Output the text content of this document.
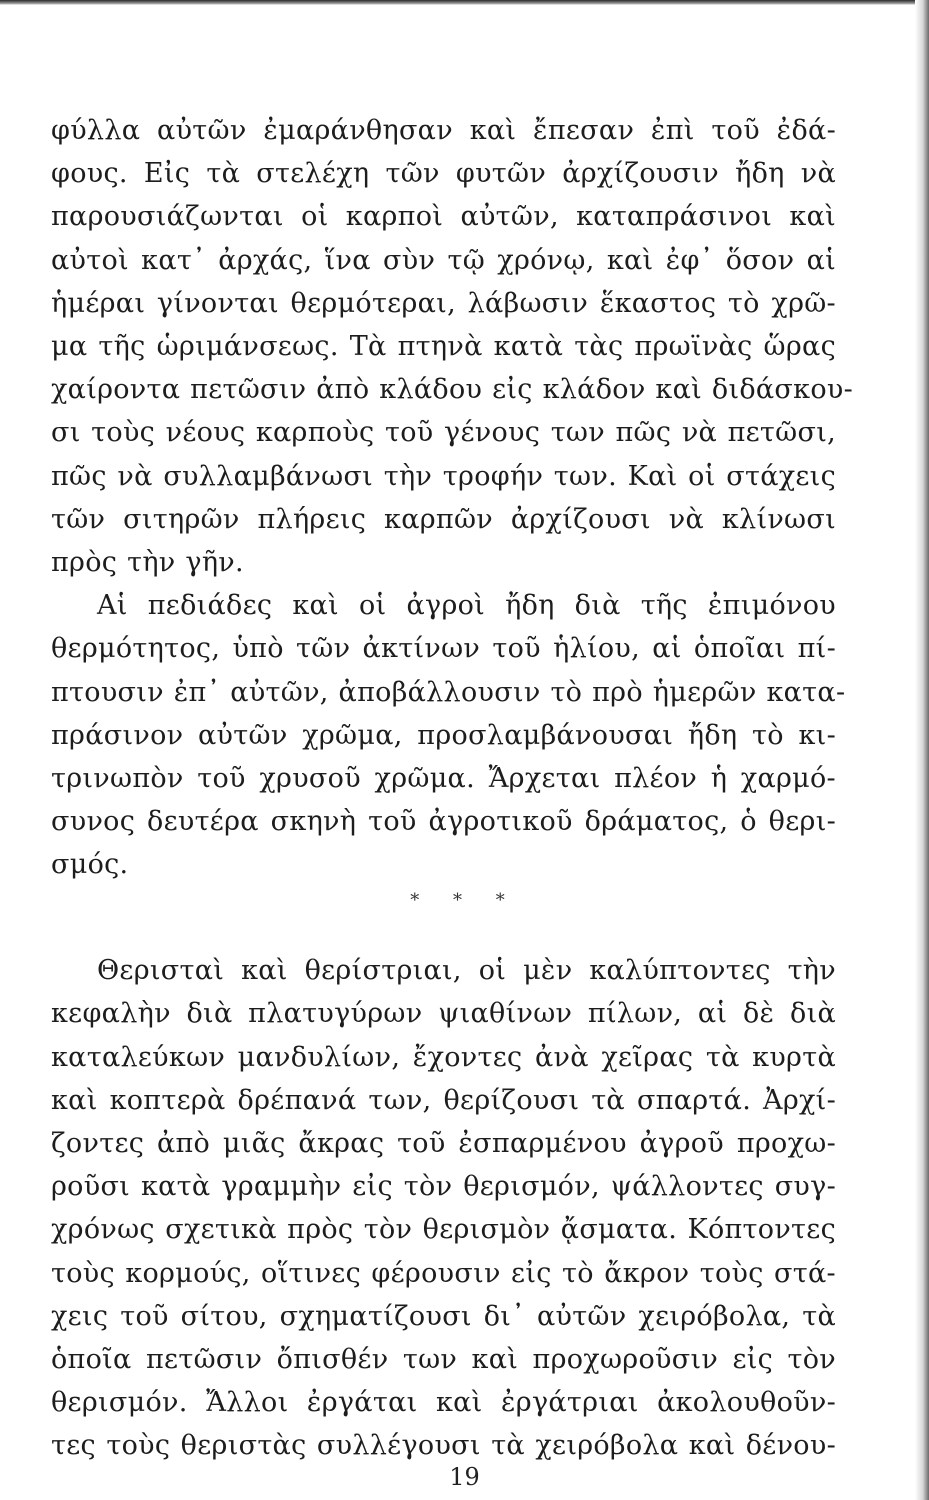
φύλλα αὐτῶν ἐμαράνθησαν καὶ ἔπεσαν ἐπὶ τοῦ ἐδά-
φους. Εἰς τὰ στελέχη τῶν φυτῶν ἀρχίζουσιν ἤδη νὰ
παρουσιάζωνται οἱ καρποὶ αὐτῶν, καταπράσινοι καὶ
αὐτοὶ κατ᾽ ἀρχάς, ἵνα σὺν τῷ χρόνῳ, καὶ ἐφ᾽ ὅσον αἱ
ἡμέραι γίνονται θερμότεραι, λάβωσιν ἕκαστος τὸ χρῶ-
μα τῆς ὡριμάνσεως. Τὰ πτηνὰ κατὰ τὰς πρωϊνὰς ὥρας
χαίροντα πετῶσιν ἀπὸ κλάδου εἰς κλάδον καὶ διδάσκου-
σι τοὺς νέους καρποὺς τοῦ γένους των πῶς νὰ πετῶσι,
πῶς νὰ συλλαμβάνωσι τὴν τροφήν των. Καὶ οἱ στάχεις
τῶν σιτηρῶν πλήρεις καρπῶν ἀρχίζουσι νὰ κλίνωσι
πρὸς τὴν γῆν.
Αἱ πεδιάδες καὶ οἱ ἀγροὶ ἤδη διὰ τῆς ἐπιμόνου
θερμότητος, ὑπὸ τῶν ἀκτίνων τοῦ ἡλίου, αἱ ὁποῖαι πί-
πτουσιν ἐπ᾽ αὐτῶν, ἀποβάλλουσιν τὸ πρὸ ἡμερῶν κατα-
πράσινον αὐτῶν χρῶμα, προσλαμβάνουσαι ἤδη τὸ κι-
τρινωπὸν τοῦ χρυσοῦ χρῶμα. Ἄρχεται πλέον ἡ χαρμό-
συνος δευτέρα σκηνὴ τοῦ ἀγροτικοῦ δράματος, ὁ θερι-
σμός.
* * *
Θερισταὶ καὶ θερίστριαι, οἱ μὲν καλύπτοντες τὴν
κεφαλὴν διὰ πλατυγύρων ψιαθίνων πίλων, αἱ δὲ διὰ
καταλεύκων μανδυλίων, ἔχοντες ἀνὰ χεῖρας τὰ κυρτὰ
καὶ κοπτερὰ δρέπανά των, θερίζουσι τὰ σπαρτά. Ἀρχί-
ζοντες ἀπὸ μιᾶς ἄκρας τοῦ ἐσπαρμένου ἀγροῦ προχω-
ροῦσι κατὰ γραμμὴν εἰς τὸν θερισμόν, ψάλλοντες συγ-
χρόνως σχετικὰ πρὸς τὸν θερισμὸν ᾄσματα. Κόπτοντες
τοὺς κορμούς, οἵτινες φέρουσιν εἰς τὸ ἄκρον τοὺς στά-
χεις τοῦ σίτου, σχηματίζουσι δι᾽ αὐτῶν χειρόβολα, τὰ
ὁποῖα πετῶσιν ὄπισθέν των καὶ προχωροῦσιν εἰς τὸν
θερισμόν. Ἄλλοι ἐργάται καὶ ἐργάτριαι ἀκολουθοῦν-
τες τοὺς θεριστὰς συλλέγουσι τὰ χειρόβολα καὶ δένου-
19
